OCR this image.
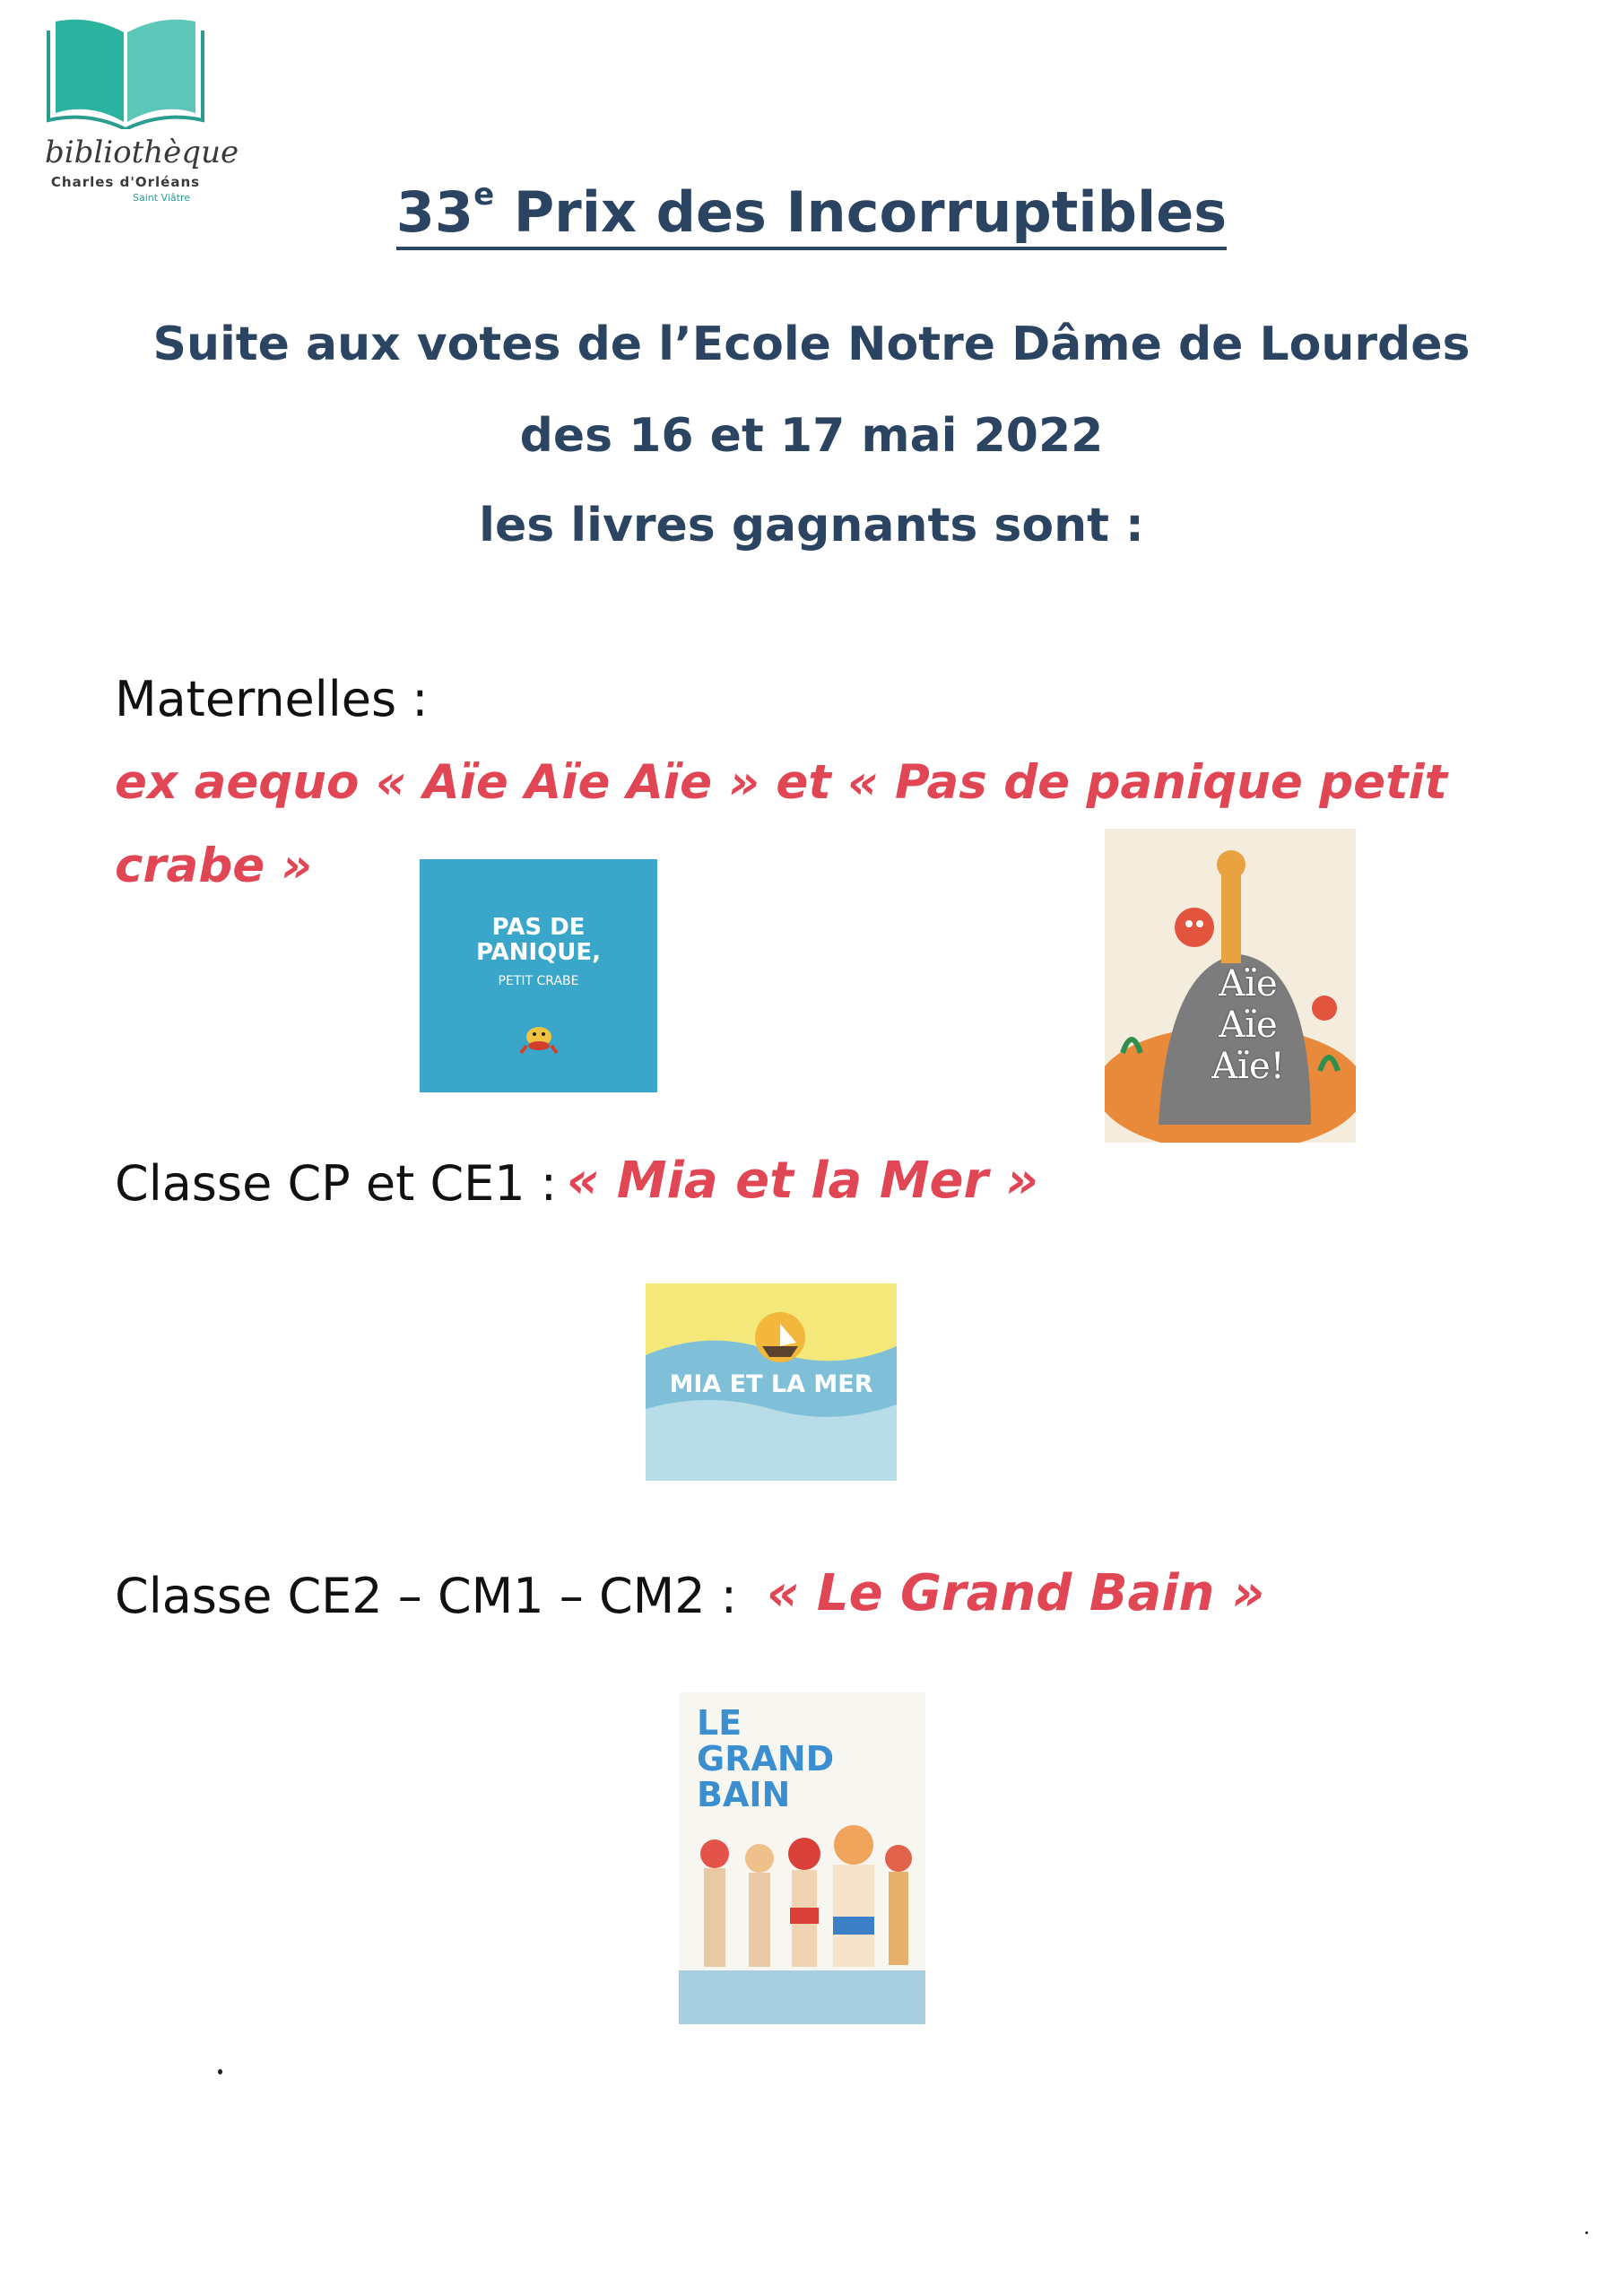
bibliothèque
Charles d'Orléans
Saint Viâtre	33e Prix des Incorruptibles
Suite aux votes de l’Ecole Notre Dâme de Lourdes
des 16 et 17 mai 2022
les livres gagnants sont :
Maternelles :
ex aequo « Aïe Aïe Aïe » et « Pas de panique petit
crabe »
PAS DE
PANIQUE,
PETIT CRABE	Aïe
Aïe
Aïe!
Classe CP et CE1 : « Mia et la Mer »
MIA ET LA MER
Classe CE2 – CM1 – CM2 : « Le Grand Bain »
LE
GRAND
BAIN
